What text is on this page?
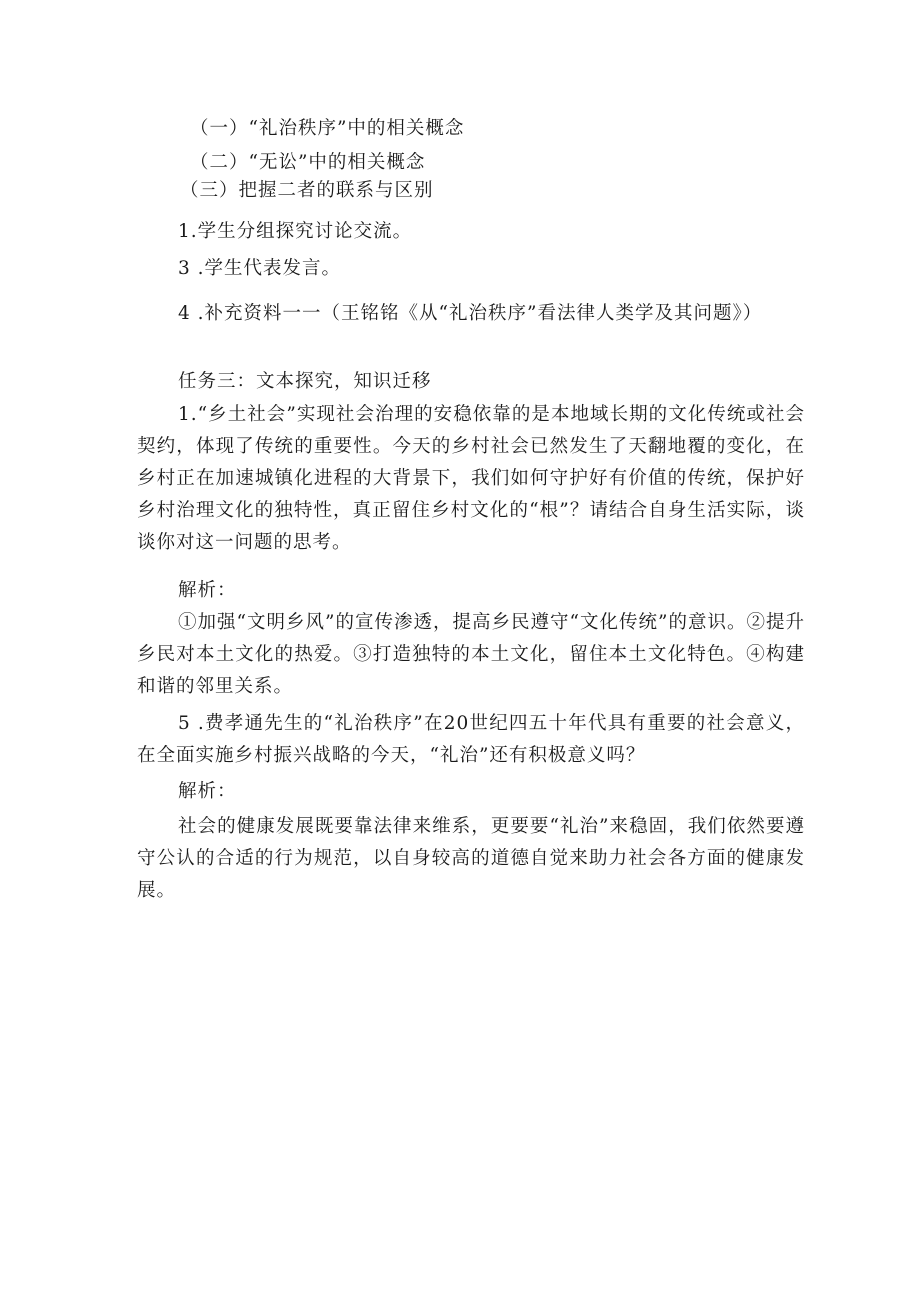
（一）“礼治秩序”中的相关概念
（二）“无讼”中的相关概念
（三）把握二者的联系与区别
1.学生分组探究讨论交流。
3 .学生代表发言。
4 .补充资料一一（王铭铭《从“礼治秩序”看法律人类学及其问题》）
任务三：文本探究，知识迁移
1.“乡土社会”实现社会治理的安稳依靠的是本地域长期的文化传统或社会契约，体现了传统的重要性。今天的乡村社会已然发生了天翻地覆的变化，在乡村正在加速城镇化进程的大背景下，我们如何守护好有价值的传统，保护好乡村治理文化的独特性，真正留住乡村文化的“根”？请结合自身生活实际，谈谈你对这一问题的思考。
解析：
①加强“文明乡风”的宣传渗透，提高乡民遵守“文化传统”的意识。②提升乡民对本土文化的热爱。③打造独特的本土文化，留住本土文化特色。④构建和谐的邻里关系。
5 .费孝通先生的“礼治秩序”在20世纪四五十年代具有重要的社会意义，在全面实施乡村振兴战略的今天，“礼治”还有积极意义吗？
解析：
社会的健康发展既要靠法律来维系，更要要“礼治”来稳固，我们依然要遵守公认的合适的行为规范，以自身较高的道德自觉来助力社会各方面的健康发展。
